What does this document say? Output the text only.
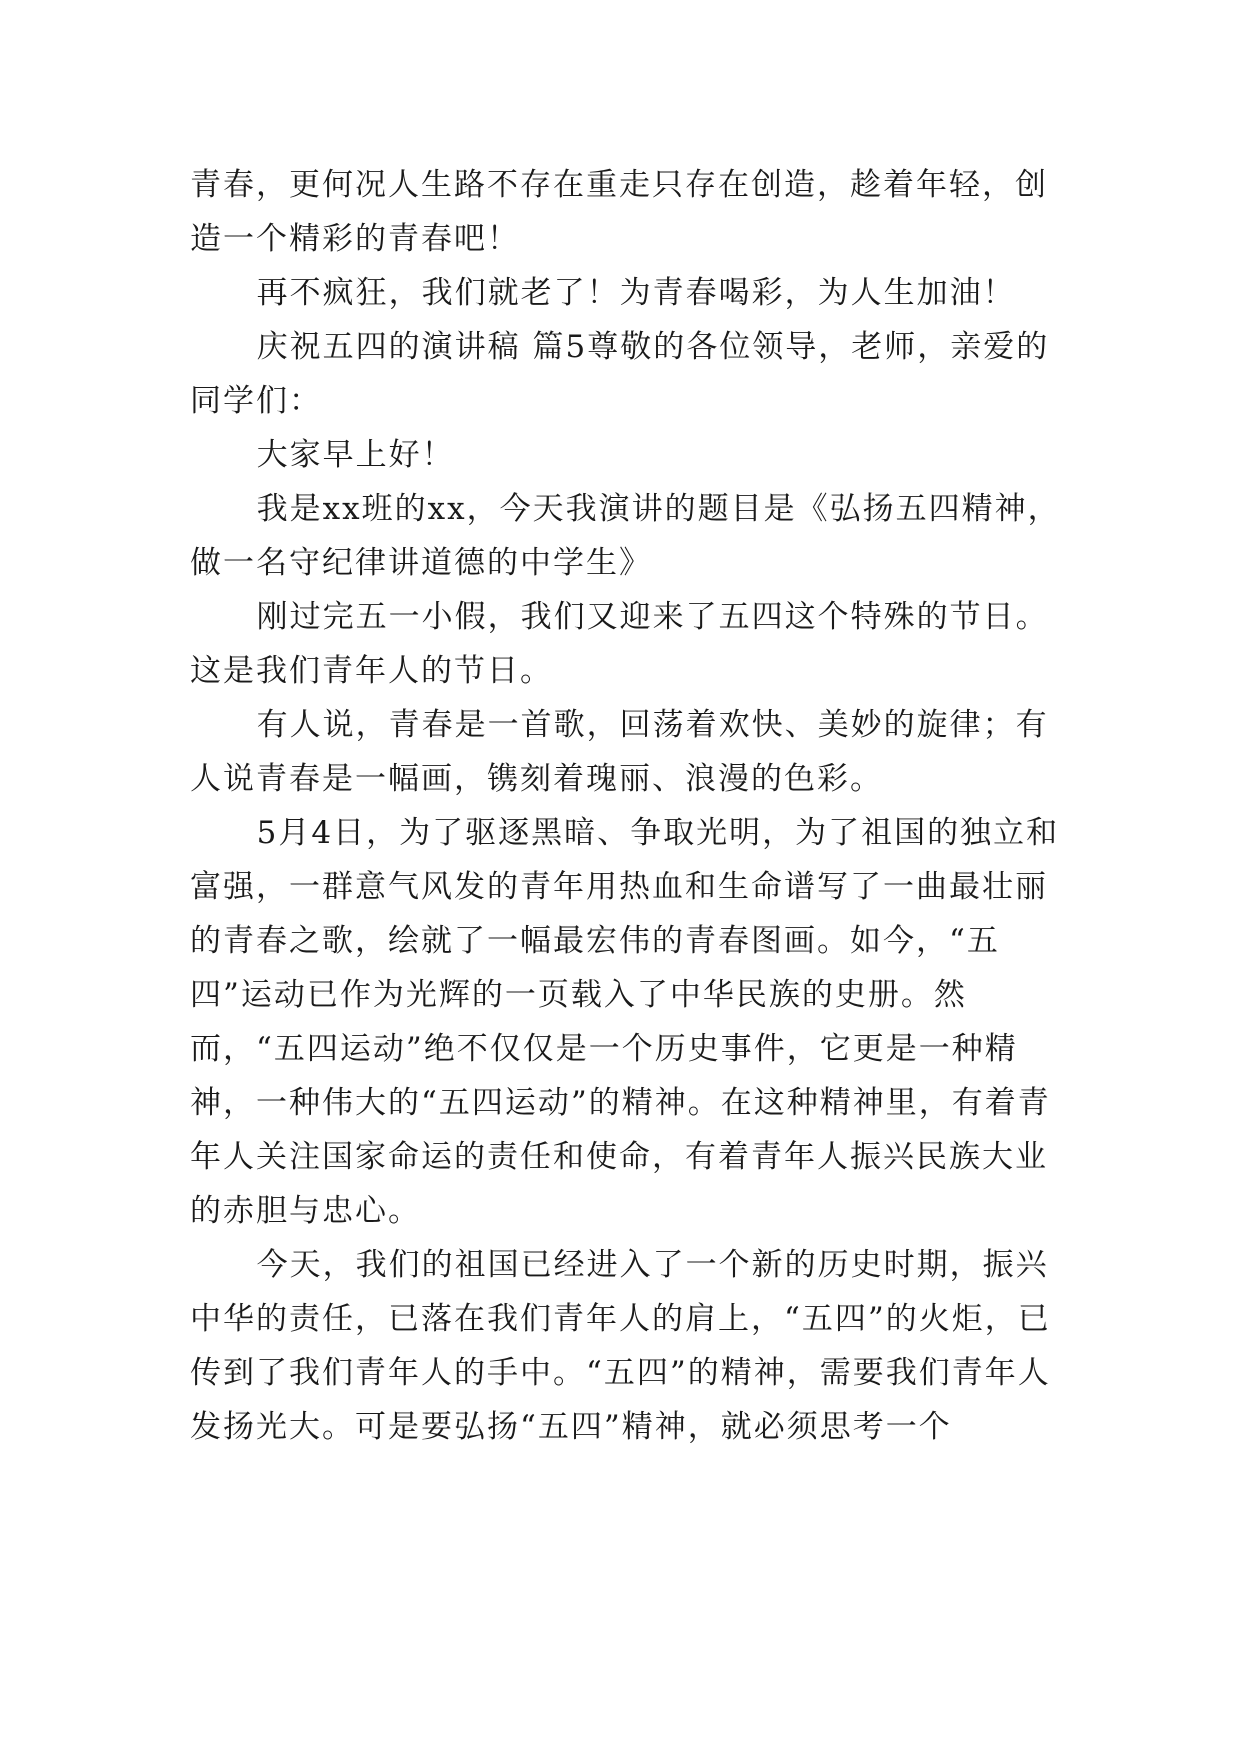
青春，更何况人生路不存在重走只存在创造，趁着年轻，创造一个精彩的青春吧！

再不疯狂，我们就老了！为青春喝彩，为人生加油！

庆祝五四的演讲稿 篇5尊敬的各位领导，老师，亲爱的同学们：

大家早上好！

我是xx班的xx，今天我演讲的题目是《弘扬五四精神，做一名守纪律讲道德的中学生》

刚过完五一小假，我们又迎来了五四这个特殊的节日。这是我们青年人的节日。

有人说，青春是一首歌，回荡着欢快、美妙的旋律；有人说青春是一幅画，镌刻着瑰丽、浪漫的色彩。

5月4日，为了驱逐黑暗、争取光明，为了祖国的独立和富强，一群意气风发的青年用热血和生命谱写了一曲最壮丽的青春之歌，绘就了一幅最宏伟的青春图画。如今，“五四”运动已作为光辉的一页载入了中华民族的史册。然而，“五四运动”绝不仅仅是一个历史事件，它更是一种精神，一种伟大的“五四运动”的精神。在这种精神里，有着青年人关注国家命运的责任和使命，有着青年人振兴民族大业的赤胆与忠心。

今天，我们的祖国已经进入了一个新的历史时期，振兴中华的责任，已落在我们青年人的肩上，“五四”的火炬，已传到了我们青年人的手中。“五四”的精神，需要我们青年人发扬光大。可是要弘扬“五四”精神，就必须思考一个
